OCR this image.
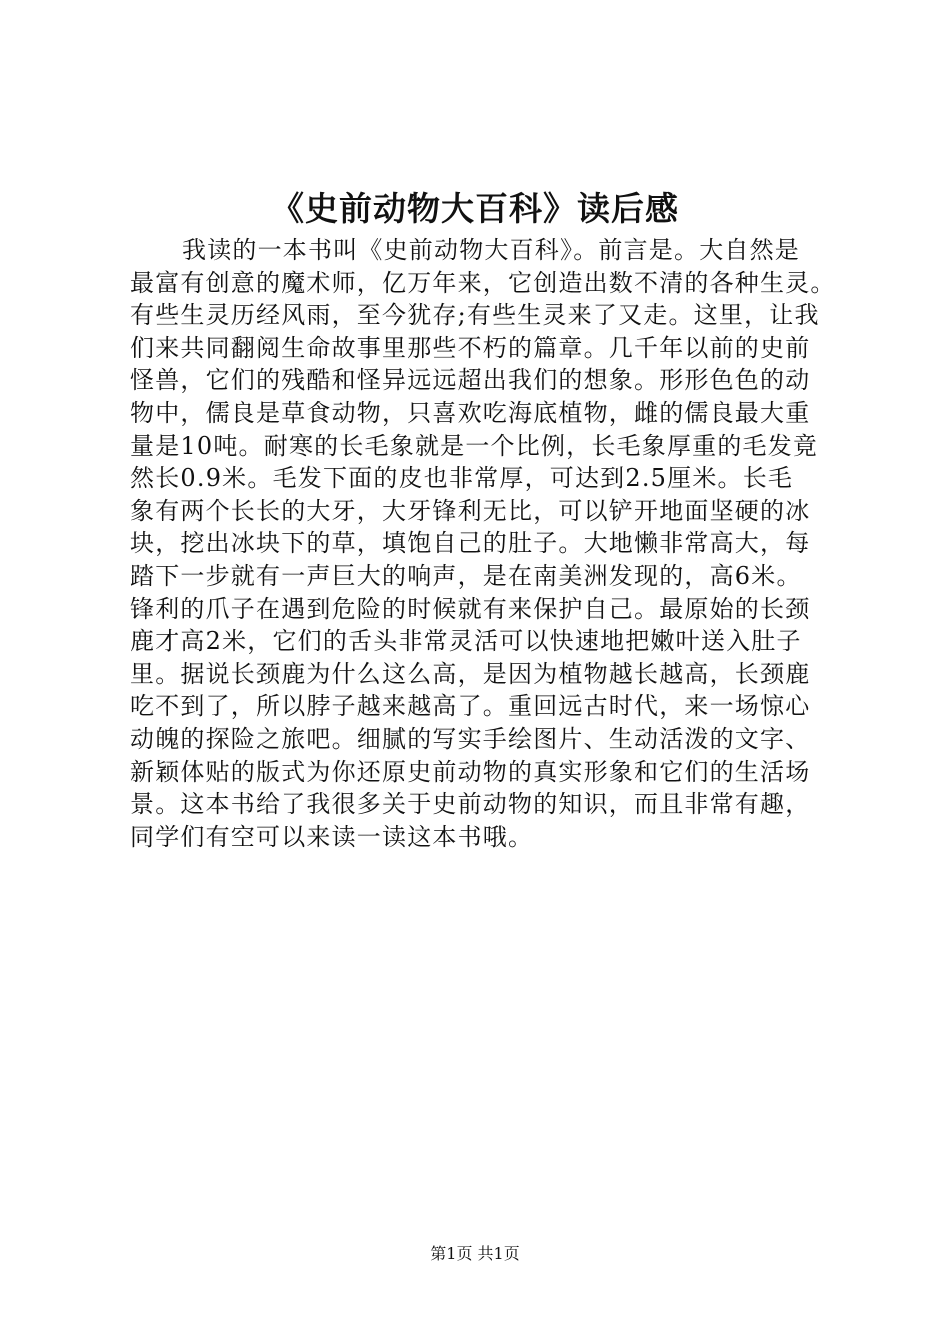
《史前动物大百科》读后感
我读的一本书叫《史前动物大百科》。前言是。大自然是
最富有创意的魔术师，亿万年来，它创造出数不清的各种生灵。
有些生灵历经风雨，至今犹存;有些生灵来了又走。这里，让我
们来共同翻阅生命故事里那些不朽的篇章。几千年以前的史前
怪兽，它们的残酷和怪异远远超出我们的想象。形形色色的动
物中，儒良是草食动物，只喜欢吃海底植物，雌的儒良最大重
量是10吨。耐寒的长毛象就是一个比例，长毛象厚重的毛发竟
然长0.9米。毛发下面的皮也非常厚，可达到2.5厘米。长毛
象有两个长长的大牙，大牙锋利无比，可以铲开地面坚硬的冰
块，挖出冰块下的草，填饱自己的肚子。大地懒非常高大，每
踏下一步就有一声巨大的响声，是在南美洲发现的，高6米。
锋利的爪子在遇到危险的时候就有来保护自己。最原始的长颈
鹿才高2米，它们的舌头非常灵活可以快速地把嫩叶送入肚子
里。据说长颈鹿为什么这么高，是因为植物越长越高，长颈鹿
吃不到了，所以脖子越来越高了。重回远古时代，来一场惊心
动魄的探险之旅吧。细腻的写实手绘图片、生动活泼的文字、
新颖体贴的版式为你还原史前动物的真实形象和它们的生活场
景。这本书给了我很多关于史前动物的知识，而且非常有趣，
同学们有空可以来读一读这本书哦。
第1页 共1页
